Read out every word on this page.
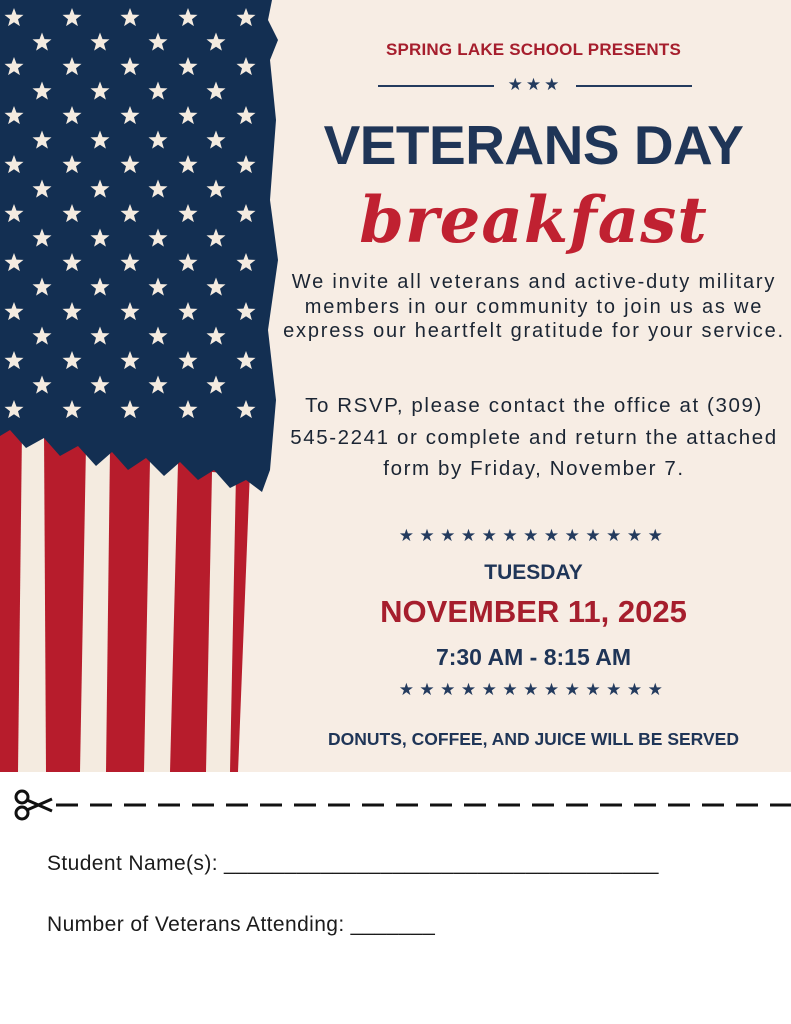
SPRING LAKE SCHOOL PRESENTS
★★★
VETERANS DAY
breakfast
We invite all veterans and active-duty military members in our community to join us as we express our heartfelt gratitude for your service.
To RSVP, please contact the office at (309) 545-2241 or complete and return the attached form by Friday, November 7.
★★★★★★★★★★★★★
TUESDAY
NOVEMBER 11, 2025
7:30 AM - 8:15 AM
★★★★★★★★★★★★★
DONUTS, COFFEE, AND JUICE WILL BE SERVED
Student Name(s): ____________________________________
Number of Veterans Attending: _______
